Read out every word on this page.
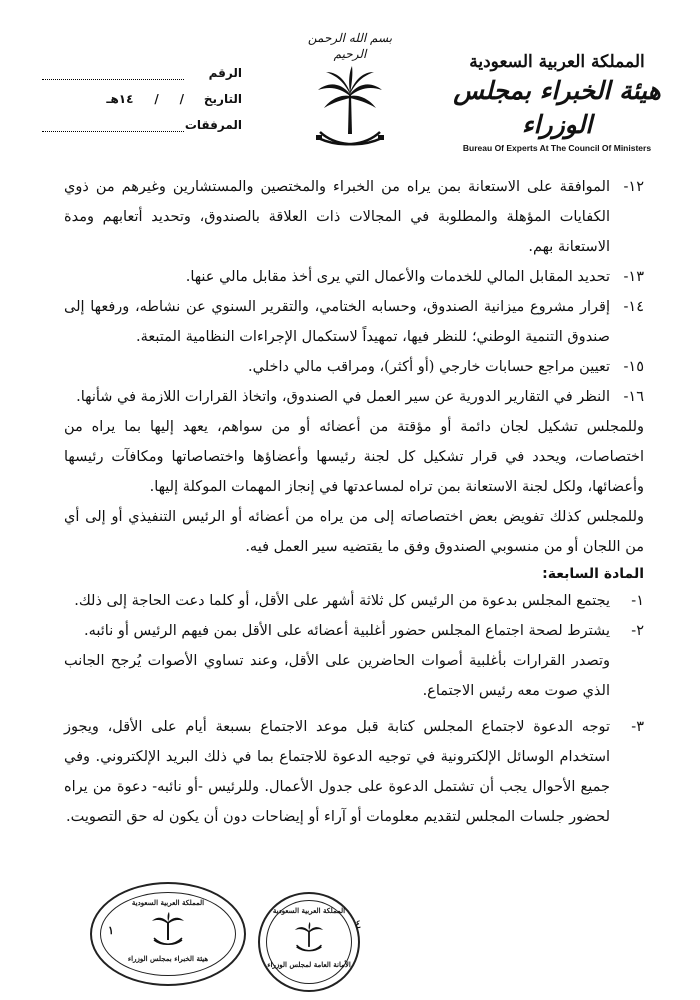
المملكة العربية السعودية
هيئة الخبراء بمجلس الوزراء
Bureau Of Experts At The Council Of Ministers
بسم الله الرحمن الرحيم
الرقم
التاريخ
/     /     ١٤هـ
المرفقات
١٢-
الموافقة على الاستعانة بمن يراه من الخبراء والمختصين والمستشارين وغيرهم من ذوي الكفايات المؤهلة والمطلوبة في المجالات ذات العلاقة بالصندوق، وتحديد أتعابهم ومدة الاستعانة بهم.
١٣-
تحديد المقابل المالي للخدمات والأعمال التي يرى أخذ مقابل مالي عنها.
١٤-
إقرار مشروع ميزانية الصندوق، وحسابه الختامي، والتقرير السنوي عن نشاطه، ورفعها إلى صندوق التنمية الوطني؛ للنظر فيها، تمهيداً لاستكمال الإجراءات النظامية المتبعة.
١٥-
تعيين مراجع حسابات خارجي (أو أكثر)، ومراقب مالي داخلي.
١٦-
النظر في التقارير الدورية عن سير العمل في الصندوق، واتخاذ القرارات اللازمة في شأنها.
وللمجلس تشكيل لجان دائمة أو مؤقتة من أعضائه أو من سواهم، يعهد إليها بما يراه من اختصاصات، ويحدد في قرار تشكيل كل لجنة رئيسها وأعضاؤها واختصاصاتها ومكافآت رئيسها وأعضائها، ولكل لجنة الاستعانة بمن تراه لمساعدتها في إنجاز المهمات الموكلة إليها.
وللمجلس كذلك تفويض بعض اختصاصاته إلى من يراه من أعضائه أو الرئيس التنفيذي أو إلى أي من اللجان أو من منسوبي الصندوق وفق ما يقتضيه سير العمل فيه.
المادة السابعة:
١-
يجتمع المجلس بدعوة من الرئيس كل ثلاثة أشهر على الأقل، أو كلما دعت الحاجة إلى ذلك.
٢-
يشترط لصحة اجتماع المجلس حضور أغلبية أعضائه على الأقل بمن فيهم الرئيس أو نائبه.
وتصدر القرارات بأغلبية أصوات الحاضرين على الأقل، وعند تساوي الأصوات يُرجح الجانب الذي صوت معه رئيس الاجتماع.
٣-
توجه الدعوة لاجتماع المجلس كتابة قبل موعد الاجتماع بسبعة أيام على الأقل، ويجوز استخدام الوسائل الإلكترونية في توجيه الدعوة للاجتماع بما في ذلك البريد الإلكتروني. وفي جميع الأحوال يجب أن تشتمل الدعوة على جدول الأعمال. وللرئيس -أو نائبه- دعوة من يراه لحضور جلسات المجلس لتقديم معلومات أو آراء أو إيضاحات دون أن يكون له حق التصويت.
المملكة العربية السعودية
هيئة الخبراء بمجلس الوزراء
١
المملكة العربية السعودية
الأمانة العامة لمجلس الوزراء
٤
